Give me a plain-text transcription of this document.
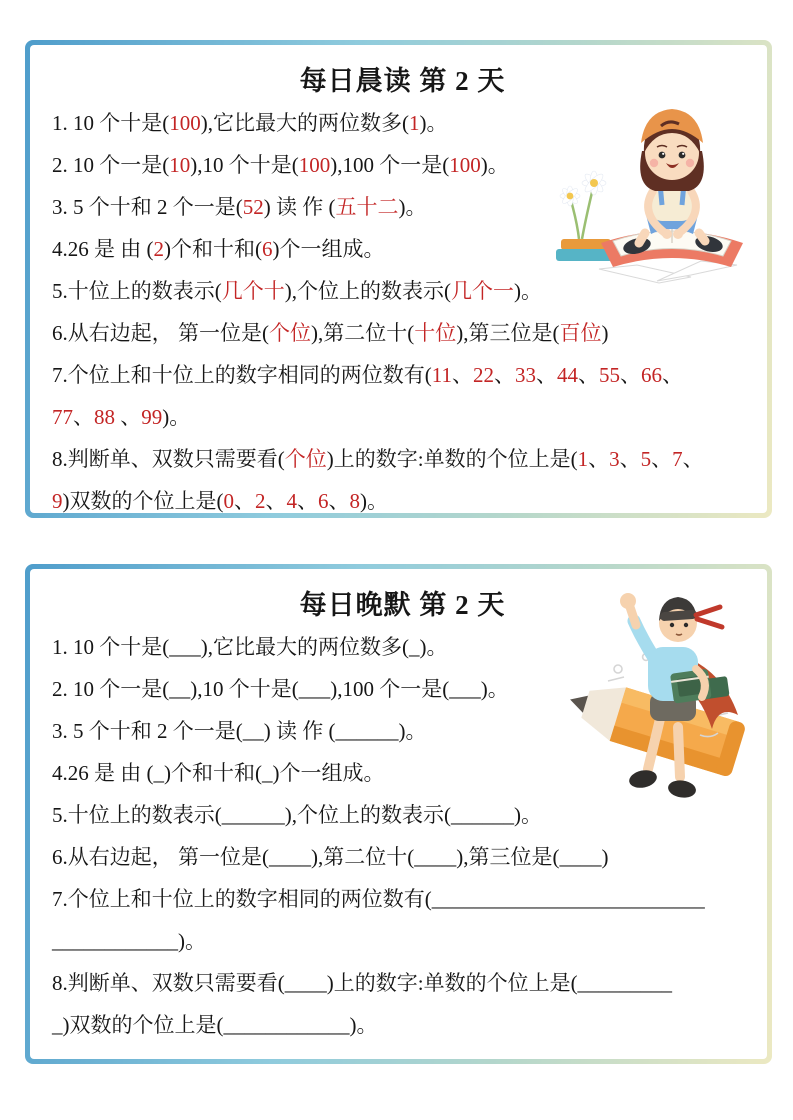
每日晨读 第 2 天

1. 10 个十是(100),它比最大的两位数多(1)。

2. 10 个一是(10),10 个十是(100),100 个一是(100)。

3. 5 个十和 2 个一是(52) 读 作 (五十二)。

4.26 是 由 (2)个和十和(6)个一组成。

5.十位上的数表示(几个十),个位上的数表示(几个一)。

6.从右边起， 第一位是(个位),第二位十(十位),第三位是(百位)

7.个位上和十位上的数字相同的两位数有(11、22、33、44、55、66、
77、88 、99)。

8.判断单、双数只需要看(个位)上的数字:单数的个位上是(1、3、5、7、
9)双数的个位上是(0、2、4、6、8)。

每日晚默 第 2 天

1. 10 个十是(___),它比最大的两位数多(_)。

2. 10 个一是(__),10 个十是(___),100 个一是(___)。

3. 5 个十和 2 个一是(__) 读 作 (______)。

4.26 是 由 (_)个和十和(_)个一组成。

5.十位上的数表示(______),个位上的数表示(______)。

6.从右边起， 第一位是(____),第二位十(____),第三位是(____)

7.个位上和十位上的数字相同的两位数有(__________________________
____________)。

8.判断单、双数只需要看(____)上的数字:单数的个位上是(_________
_)双数的个位上是(____________)。
